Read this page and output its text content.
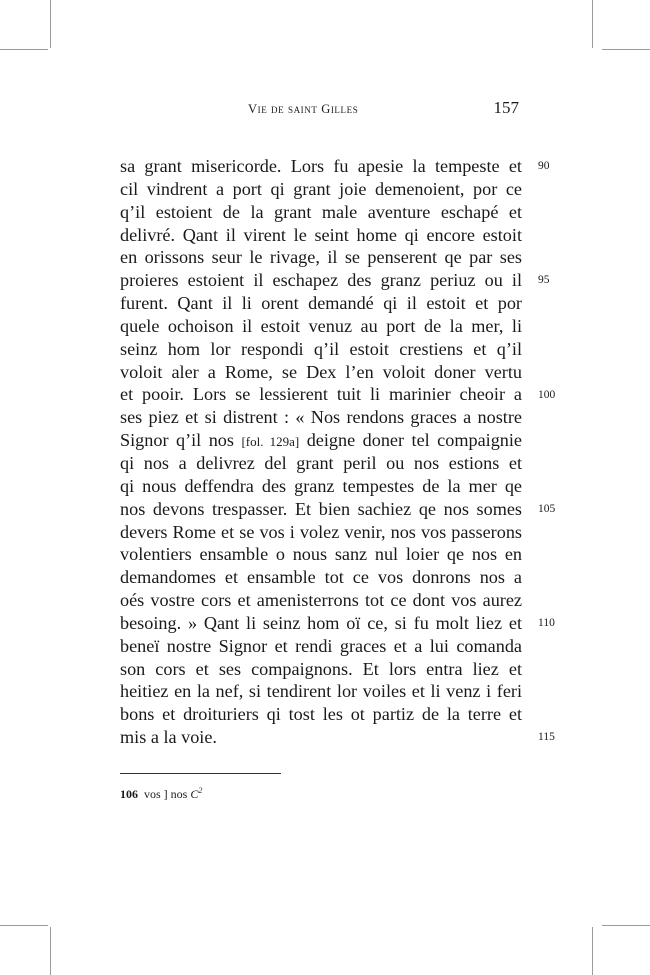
Vie de saint Gilles	157
sa grant misericorde. Lors fu apesie la tempeste et
cil vindrent a port qi grant joie demenoient, por ce
q’il estoient de la grant male aventure eschapé et
delivré. Qant il virent le seint home qi encore estoit
en orissons seur le rivage, il se penserent qe par ses
proieres estoient il eschapez des granz periuz ou il
furent. Qant il li orent demandé qi il estoit et por
quele ochoison il estoit venuz au port de la mer, li
seinz hom lor respondi q’il estoit crestiens et q’il
voloit aler a Rome, se Dex l’en voloit doner vertu
et pooir. Lors se lessierent tuit li marinier cheoir a
ses piez et si distrent : « Nos rendons graces a nostre
Signor q’il nos [fol. 129a] deigne doner tel compaignie
qi nos a delivrez del grant peril ou nos estions et
qi nous deffendra des granz tempestes de la mer qe
nos devons trespasser. Et bien sachiez qe nos somes
devers Rome et se vos i volez venir, nos vos passerons
volentiers ensamble o nous sanz nul loier qe nos en
demandomes et ensamble tot ce vos donrons nos a
oés vostre cors et amenisterrons tot ce dont vos aurez
besoing. » Qant li seinz hom oï ce, si fu molt liez et
beneï nostre Signor et rendi graces et a lui comanda
son cors et ses compaignons. Et lors entra liez et
heitiez en la nef, si tendirent lor voiles et li venz i feri
bons et droituriers qi tost les ot partiz de la terre et
mis a la voie.
90
95
100
105
110
115
106 vos ] nos $C^2$
